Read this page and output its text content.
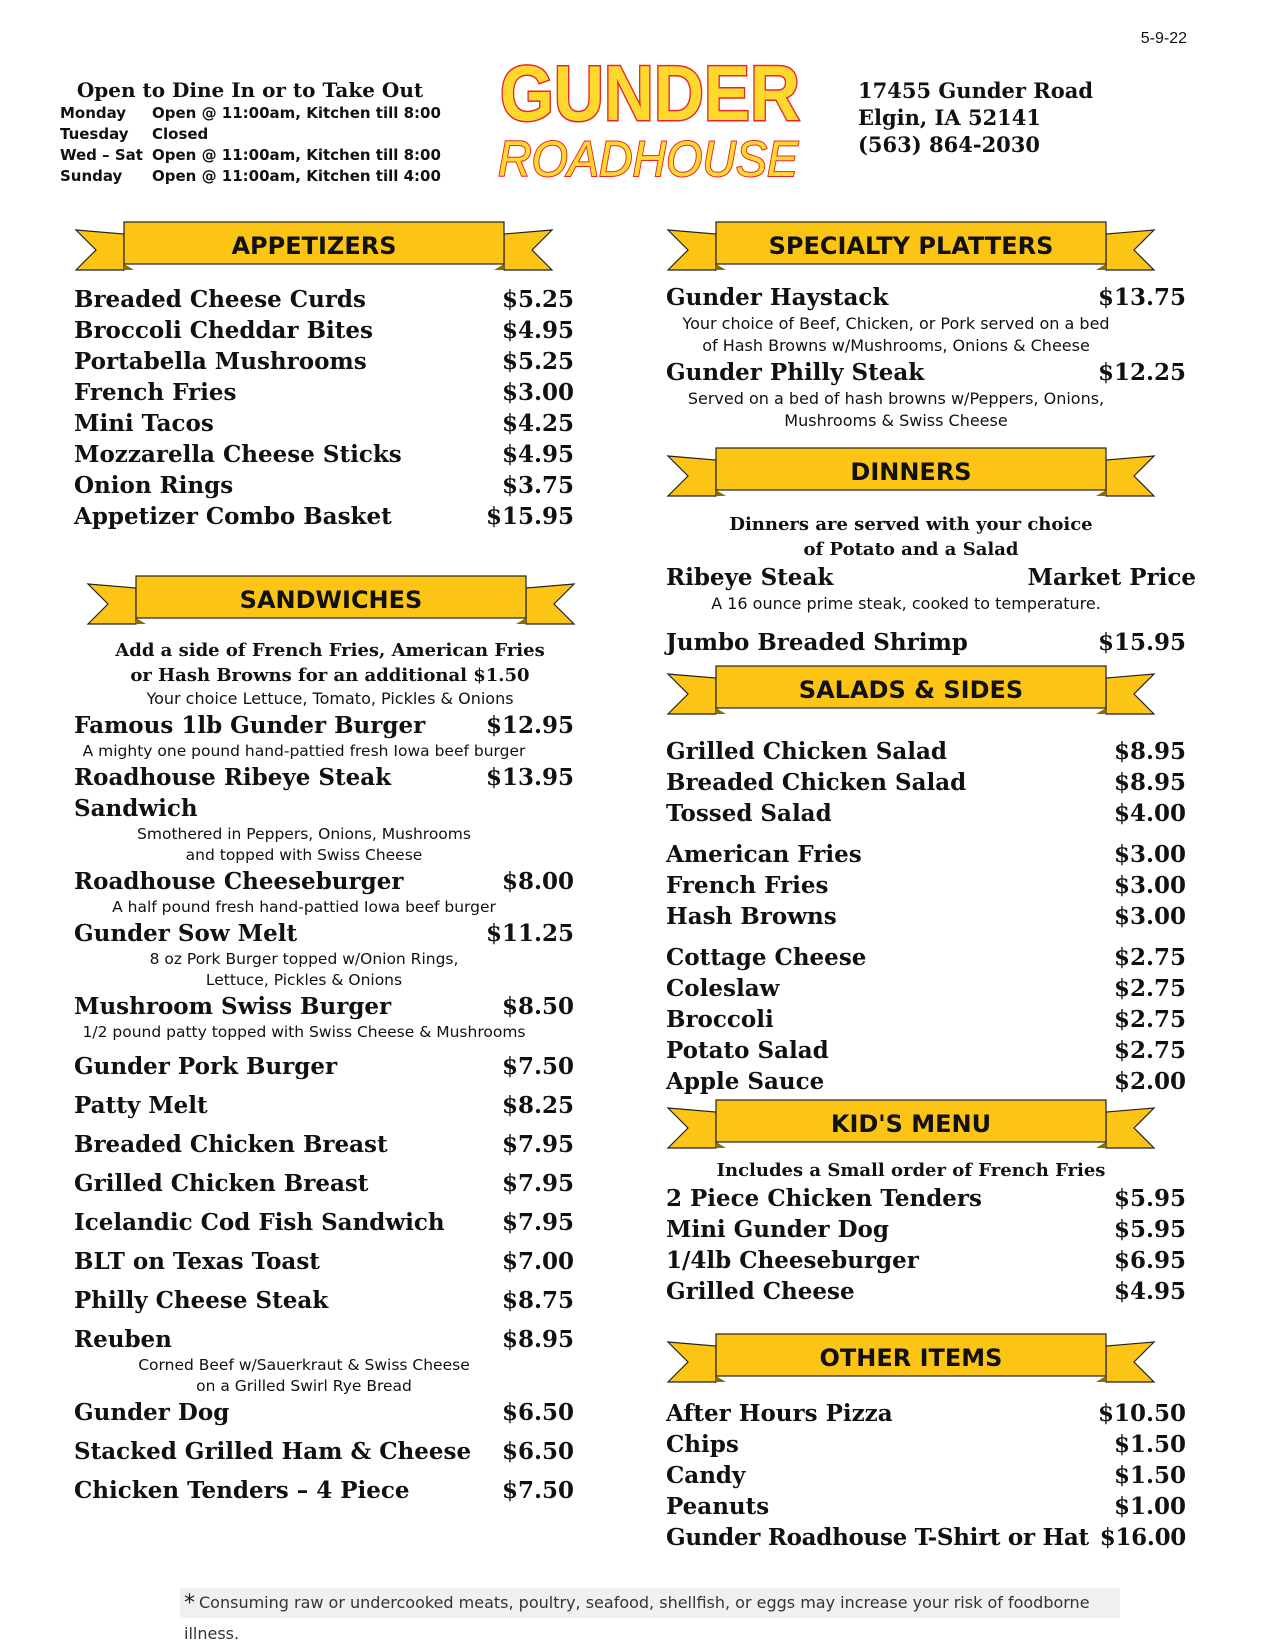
5-9-22
Open to Dine In or to Take Out
Monday	Open @ 11:00am, Kitchen till 8:00
Tuesday	Closed
Wed – Sat Open @ 11:00am, Kitchen till 8:00
Sunday	Open @ 11:00am, Kitchen till 4:00
GUNDER
ROADHOUSE
17455 Gunder Road
Elgin, IA 52141
(563) 864-2030
APPETIZERS
Breaded Cheese Curds	$5.25
Broccoli Cheddar Bites	$4.95
Portabella Mushrooms	$5.25
French Fries	$3.00
Mini Tacos	$4.25
Mozzarella Cheese Sticks	$4.95
Onion Rings	$3.75
Appetizer Combo Basket	$15.95
SANDWICHES
Add a side of French Fries, American Fries
or Hash Browns for an additional $1.50
Your choice Lettuce, Tomato, Pickles & Onions
Famous 1lb Gunder Burger	$12.95
A mighty one pound hand-pattied fresh Iowa beef burger
Roadhouse Ribeye Steak Sandwich
$13.95
Smothered in Peppers, Onions, Mushrooms
and topped with Swiss Cheese
Roadhouse Cheeseburger	$8.00
A half pound fresh hand-pattied Iowa beef burger
Gunder Sow Melt	$11.25
8 oz Pork Burger topped w/Onion Rings,
Lettuce, Pickles & Onions
Mushroom Swiss Burger	$8.50
1/2 pound patty topped with Swiss Cheese & Mushrooms
Gunder Pork Burger	$7.50
Patty Melt	$8.25
Breaded Chicken Breast	$7.95
Grilled Chicken Breast	$7.95
Icelandic Cod Fish Sandwich $7.95
BLT on Texas Toast	$7.00
Philly Cheese Steak	$8.75
Reuben	$8.95
Corned Beef w/Sauerkraut & Swiss Cheese
on a Grilled Swirl Rye Bread
Gunder Dog	$6.50
Stacked Grilled Ham & Cheese $6.50
Chicken Tenders – 4 Piece	$7.50
SPECIALTY PLATTERS
Gunder Haystack	$13.75
Your choice of Beef, Chicken, or Pork served on a bed
of Hash Browns w/Mushrooms, Onions & Cheese
Gunder Philly Steak	$12.25
Served on a bed of hash browns w/Peppers, Onions,
Mushrooms & Swiss Cheese
DINNERS
Dinners are served with your choice
of Potato and a Salad
Ribeye Steak	Market Price
A 16 ounce prime steak, cooked to temperature.
Jumbo Breaded Shrimp	$15.95
SALADS & SIDES
Grilled Chicken Salad	$8.95
Breaded Chicken Salad	$8.95
Tossed Salad	$4.00
American Fries	$3.00
French Fries	$3.00
Hash Browns	$3.00
Cottage Cheese	$2.75
Coleslaw	$2.75
Broccoli	$2.75
Potato Salad	$2.75
Apple Sauce	$2.00
KID'S MENU
Includes a Small order of French Fries
2 Piece Chicken Tenders	$5.95
Mini Gunder Dog	$5.95
1/4lb Cheeseburger	$6.95
Grilled Cheese	$4.95
OTHER ITEMS
After Hours Pizza	$10.50
Chips	$1.50
Candy	$1.50
Peanuts	$1.00
Gunder Roadhouse T-Shirt or Hat $16.00
* Consuming raw or undercooked meats, poultry, seafood, shellfish, or eggs may increase your risk of foodborne illness.
